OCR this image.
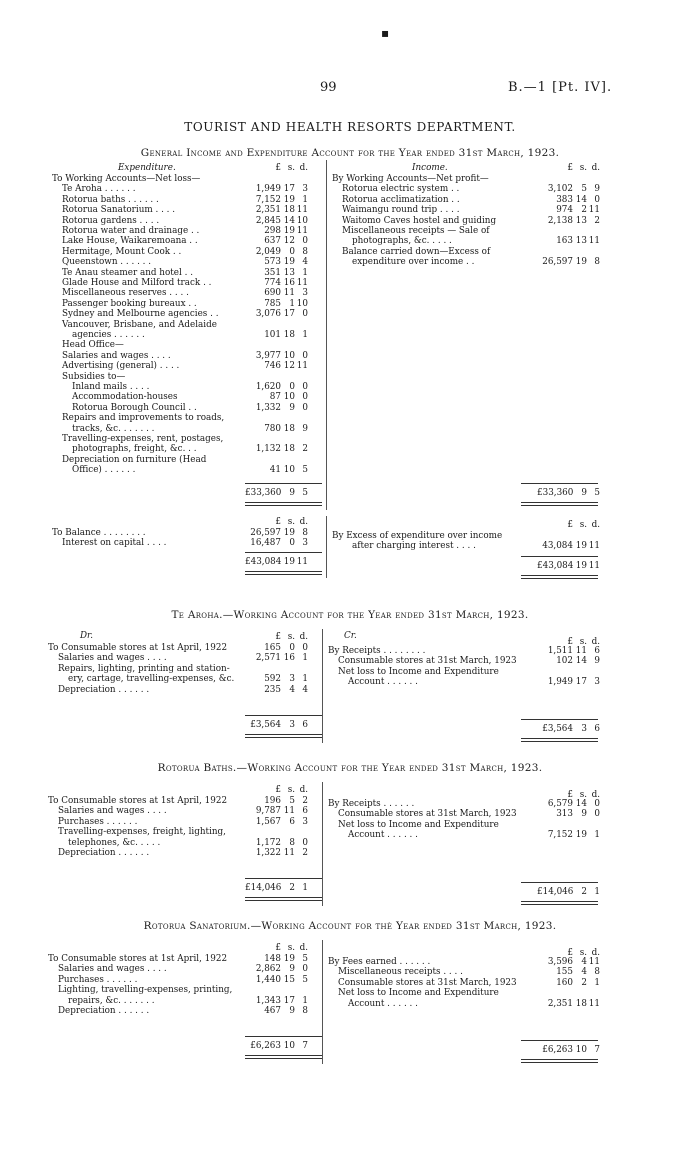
▪
99	B.—1 [Pt. IV].
TOURIST AND HEALTH RESORTS DEPARTMENT.
General Income and Expenditure Account for the Year ended 31st March, 1923.
Expenditure.	Income.
£ s. d.	£ s. d.
To Working Accounts—Net loss—
Te Aroha . . . . . .	1,949 17 3
Rotorua baths . . . . . .	7,152 19 1
Rotorua Sanatorium . . . .	2,351 18 11
Rotorua gardens . . . .	2,845 14 10
Rotorua water and drainage . .	298 19 11
Lake House, Waikaremoana . .	637 12 0
Hermitage, Mount Cook . .	2,049 0 8
Queenstown . . . . . .	573 19 4
Te Anau steamer and hotel . .	351 13 1
Glade House and Milford track . .	774 16 11
Miscellaneous reserves . . . .	690 11 3
Passenger booking bureaux . .	785 1 10
Sydney and Melbourne agencies . .	3,076 17 0
Vancouver, Brisbane, and Adelaide
agencies . . . . . .	101 18 1
Head Office—
Salaries and wages . . . .	3,977 10 0
Advertising (general) . . . .	746 12 11
Subsidies to—
Inland mails . . . .	1,620 0 0
Accommodation-houses	87 10 0
Rotorua Borough Council . .	1,332 9 0
Repairs and improvements to roads,
tracks, &c. . . . . . .	780 18 9
Travelling-expenses, rent, postages,
photographs, freight, &c. . .	1,132 18 2
Depreciation on furniture (Head
Office) . . . . . .	41 10 5
By Working Accounts—Net profit—
Rotorua electric system . .	3,102 5 9
Rotorua acclimatization . .	383 14 0
Waimangu round trip . . . .	974 2 11
Waitomo Caves hostel and guiding	2,138 13 2
Miscellaneous receipts — Sale of
photographs, &c. . . . .	163 13 11
Balance carried down—Excess of
expenditure over income . .	26,597 19 8
£33,360 9 5	£33,360 9 5
£ s. d.	£ s. d.
To Balance . . . . . . . .	26,597 19 8
Interest on capital . . . .	16,487 0 3
By Excess of expenditure over income
after charging interest . . . .	43,084 19 11
£43,084 19 11	£43,084 19 11
Te Aroha.—Working Account for the Year ended 31st March, 1923.
Dr.	Cr.
£ s. d.	£ s. d.
To Consumable stores at 1st April, 1922	165 0 0
Salaries and wages . . . .	2,571 16 1
Repairs, lighting, printing and station-
ery, cartage, travelling-expenses, &c.	592 3 1
Depreciation . . . . . .	235 4 4
By Receipts . . . . . . . .	1,511 11 6
Consumable stores at 31st March, 1923	102 14 9
Net loss to Income and Expenditure
Account . . . . . .	1,949 17 3
£3,564 3 6	£3,564 3 6
Rotorua Baths.—Working Account for the Year ended 31st March, 1923.
£ s. d.	£ s. d.
To Consumable stores at 1st April, 1922	196 5 2
Salaries and wages . . . .	9,787 11 6
Purchases . . . . . .	1,567 6 3
Travelling-expenses, freight, lighting,
telephones, &c. . . . .	1,172 8 0
Depreciation . . . . . .	1,322 11 2
By Receipts . . . . . .	6,579 14 0
Consumable stores at 31st March, 1923	313 9 0
Net loss to Income and Expenditure
Account . . . . . .	7,152 19 1
£14,046 2 1	£14,046 2 1
Rotorua Sanatorium.—Working Account for thè Year ended 31st March, 1923.
£ s. d.	£ s. d.
To Consumable stores at 1st April, 1922	148 19 5
Salaries and wages . . . .	2,862 9 0
Purchases . . . . . .	1,440 15 5
Lighting, travelling-expenses, printing,
repairs, &c. . . . . . .	1,343 17 1
Depreciation . . . . . .	467 9 8
By Fees earned . . . . . .	3,596 4 11
Miscellaneous receipts . . . .	155 4 8
Consumable stores at 31st March, 1923	160 2 1
Net loss to Income and Expenditure
Account . . . . . .	2,351 18 11
£6,263 10 7	£6,263 10 7
